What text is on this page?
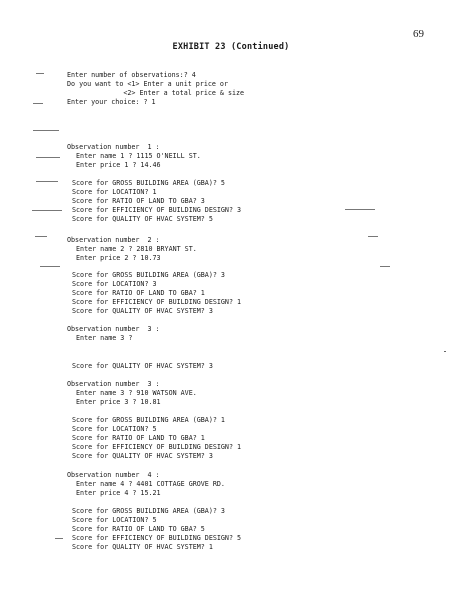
69
EXHIBIT 23 (Continued)
Enter number of observations:? 4
Do you want to <1> Enter a unit price or
<2> Enter a total price & size
Enter your choice: ? 1
Observation number  1 :
Enter name 1 ? 1115 O'NEILL ST.
Enter price 1 ? 14.46
Score for GROSS BUILDING AREA (GBA)? 5
Score for LOCATION? 1
Score for RATIO OF LAND TO GBA? 3
Score for EFFICIENCY OF BUILDING DESIGN? 3
Score for QUALITY OF HVAC SYSTEM? 5
Observation number  2 :
Enter name 2 ? 2810 BRYANT ST.
Enter price 2 ? 10.73
Score for GROSS BUILDING AREA (GBA)? 3
Score for LOCATION? 3
Score for RATIO OF LAND TO GBA? 1
Score for EFFICIENCY OF BUILDING DESIGN? 1
Score for QUALITY OF HVAC SYSTEM? 3
Observation number  3 :
Enter name 3 ?
Score for QUALITY OF HVAC SYSTEM? 3
Observation number  3 :
Enter name 3 ? 910 WATSON AVE.
Enter price 3 ? 10.81
Score for GROSS BUILDING AREA (GBA)? 1
Score for LOCATION? 5
Score for RATIO OF LAND TO GBA? 1
Score for EFFICIENCY OF BUILDING DESIGN? 1
Score for QUALITY OF HVAC SYSTEM? 3
Observation number  4 :
Enter name 4 ? 4401 COTTAGE GROVE RD.
Enter price 4 ? 15.21
Score for GROSS BUILDING AREA (GBA)? 3
Score for LOCATION? 5
Score for RATIO OF LAND TO GBA? 5
Score for EFFICIENCY OF BUILDING DESIGN? 5
Score for QUALITY OF HVAC SYSTEM? 1
